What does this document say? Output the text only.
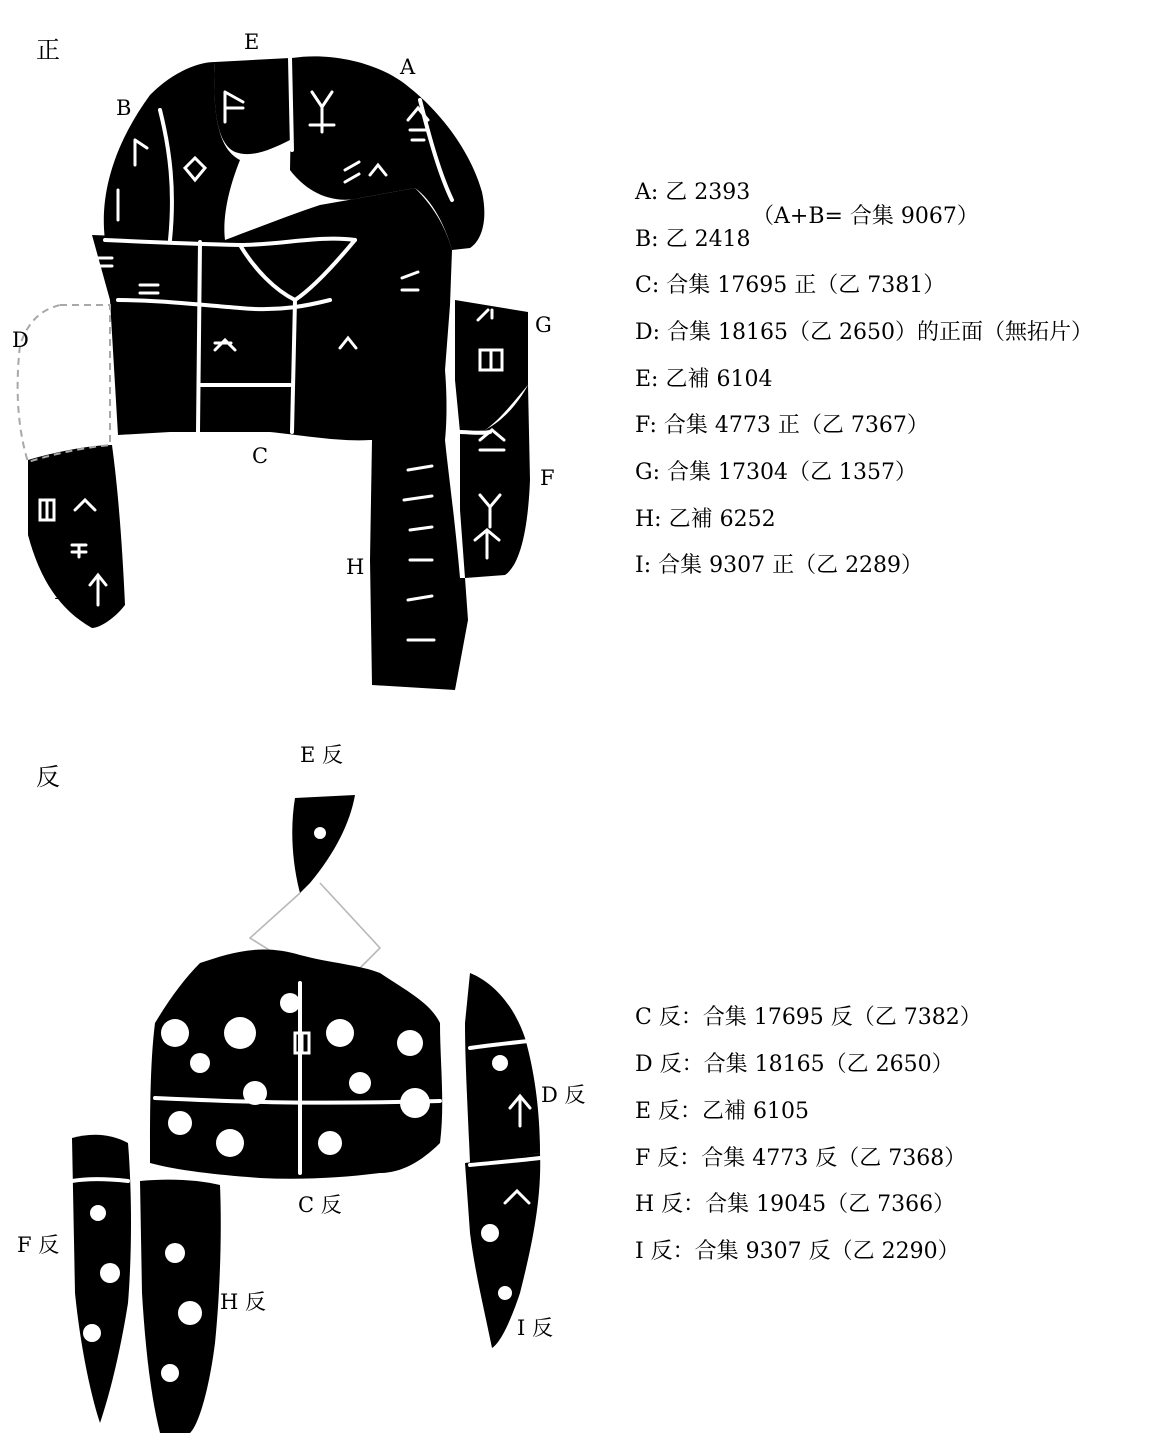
正	E
A
B
G
D
C
F
H
I
A: 乙 2393
（A+B= 合集 9067）
B: 乙 2418
C: 合集 17695 正（乙 7381）
D: 合集 18165（乙 2650）的正面（無拓片）
E: 乙補 6104
F: 合集 4773 正（乙 7367）
G: 合集 17304（乙 1357）
H: 乙補 6252
I: 合集 9307 正（乙 2289）
反
E 反
D 反
C 反
F 反
H 反
I 反
C 反：合集 17695 反（乙 7382）
D 反：合集 18165（乙 2650）
E 反：乙補 6105
F 反：合集 4773 反（乙 7368）
H 反：合集 19045（乙 7366）
I 反：合集 9307 反（乙 2290）
